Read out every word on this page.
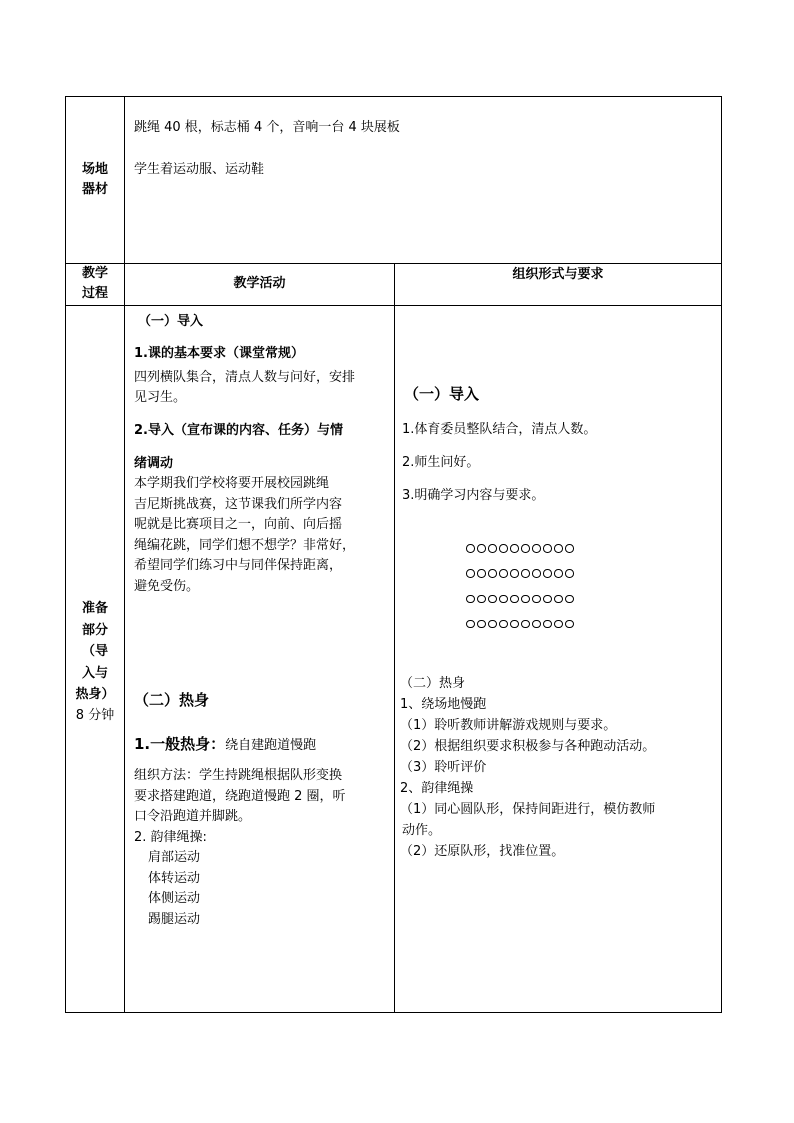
场地
器材
跳绳 40 根，标志桶 4 个，音响一台 4 块展板
学生着运动服、运动鞋
教学
过程
教学活动
组织形式与要求
准备
部分
（导
入与
热身）
8 分钟
（一）导入
1.课的基本要求（课堂常规）
四列横队集合，清点人数与问好，安排
见习生。
2.导入（宣布课的内容、任务）与情
绪调动
本学期我们学校将要开展校园跳绳
吉尼斯挑战赛，这节课我们所学内容
呢就是比赛项目之一，向前、向后摇
绳编花跳，同学们想不想学？非常好，
希望同学们练习中与同伴保持距离，
避免受伤。
（二）热身
1.一般热身：绕自建跑道慢跑
组织方法：学生持跳绳根据队形变换
要求搭建跑道，绕跑道慢跑 2 圈，听
口令沿跑道并脚跳。
2. 韵律绳操:
肩部运动
体转运动
体侧运动
踢腿运动
（一）导入
1.体育委员整队结合，清点人数。
2.师生问好。
3.明确学习内容与要求。
（二）热身
1、绕场地慢跑
（1）聆听教师讲解游戏规则与要求。
（2）根据组织要求积极参与各种跑动活动。
（3）聆听评价
2、韵律绳操
（1）同心圆队形，保持间距进行，模仿教师
动作。
（2）还原队形，找准位置。
